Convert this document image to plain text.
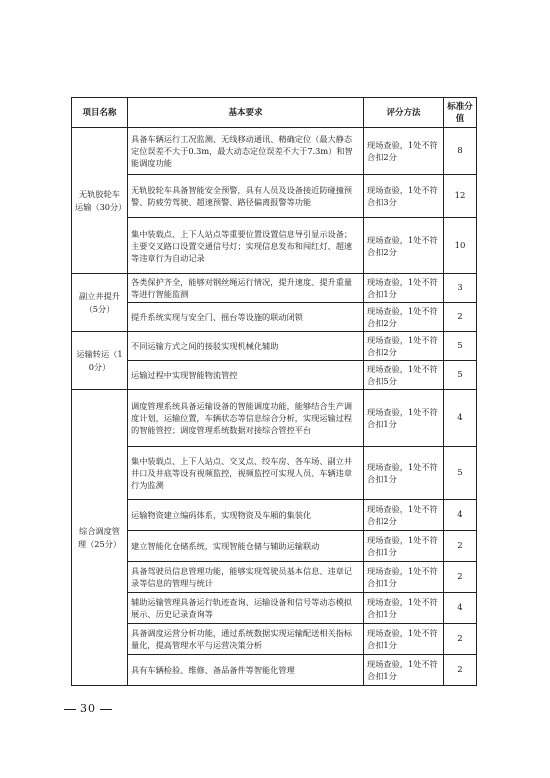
项目名称	基本要求	评分方法	标准分值
无轨胶轮车运输（30分）	具备车辆运行工况监测、无线移动通讯、精确定位（最大静态定位误差不大于0.3m，最大动态定位误差不大于7.3m）和智能调度功能	现场查验，1处不符合扣2分	8
	无轨胶轮车具备智能安全预警，具有人员及设备接近防碰撞预警、防疲劳驾驶、超速预警、路径偏离报警等功能	现场查验，1处不符合扣3分	12
	集中装载点、上下人站点等重要位置设置信息导引显示设备；主要交叉路口设置交通信号灯；实现信息发布和闯红灯、超速等违章行为自动记录	现场查验，1处不符合扣2分	10
副立井提升（5分）	各类保护齐全，能够对钢丝绳运行情况，提升速度、提升重量等进行智能监测	现场查验，1处不符合扣1分	3
	提升系统实现与安全门、摇台等设施的联动闭锁	现场查验，1处不符合扣2分	2
运输转运（10分）	不同运输方式之间的接驳实现机械化辅助	现场查验，1处不符合扣2分	5
	运输过程中实现智能物流管控	现场查验，1处不符合扣5分	5
综合调度管理（25分）	调度管理系统具备运输设备的智能调度功能，能够结合生产调度计划，运输位置，车辆状态等信息综合分析，实现运输过程的智能管控；调度管理系统数据对接综合管控平台	现场查验，1处不符合扣1分	4
	集中装载点、上下人站点、交叉点、绞车房、各车场、副立井井口及井底等设有视频监控，视频监控可实现人员、车辆违章行为监测	现场查验，1处不符合扣1分	5
	运输物资建立编码体系，实现物资及车厢的集装化	现场查验，1处不符合扣2分	4
	建立智能化仓储系统，实现智能仓储与辅助运输联动	现场查验，1处不符合扣1分	2
	具备驾驶员信息管理功能，能够实现驾驶员基本信息、违章记录等信息的管理与统计	现场查验，1处不符合扣1分	2
	辅助运输管理具备运行轨迹查询、运输设备和信号等动态模拟展示、历史记录查询等	现场查验，1处不符合扣1分	4
	具备调度运营分析功能，通过系统数据实现运输配送相关指标量化，提高管理水平与运营决策分析	现场查验，1处不符合扣1分	2
	具有车辆检验、维修、备品备件等智能化管理	现场查验，1处不符合扣1分	2
30
